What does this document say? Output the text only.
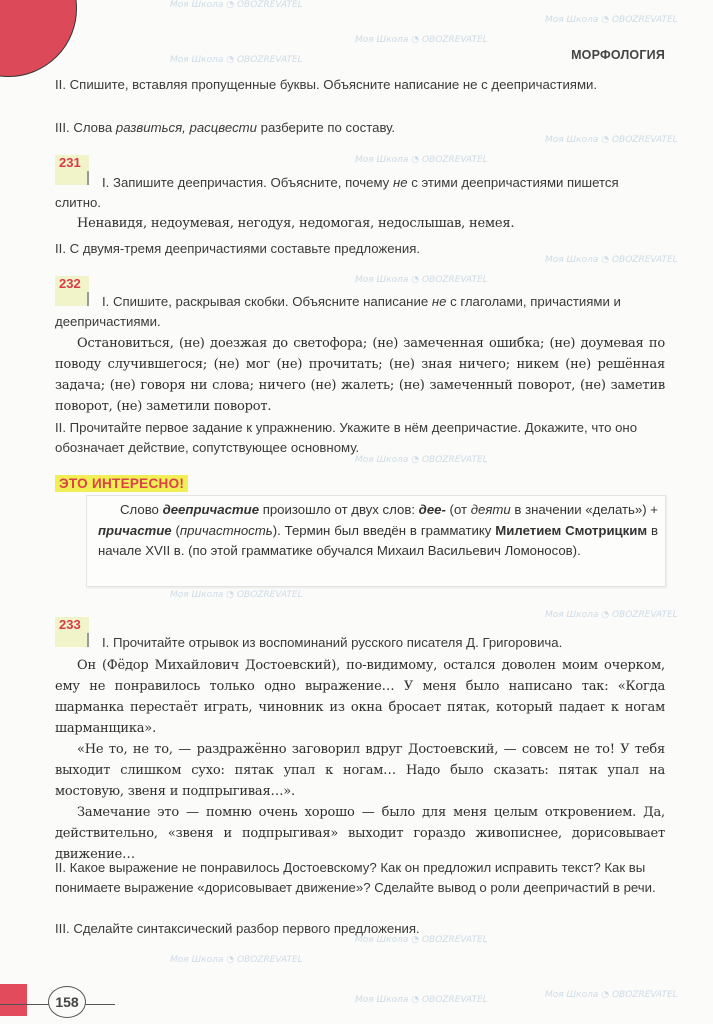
МОРФОЛОГИЯ
II. Спишите, вставляя пропущенные буквы. Объясните написание не с деепричастиями.
III. Слова развиться, расцвести разберите по составу.
231
I. Запишите деепричастия. Объясните, почему не с этими деепричастиями пишется слитно.
Ненавидя, недоумевая, негодуя, недомогая, недослышав, немея.
II. С двумя-тремя деепричастиями составьте предложения.
232
I. Спишите, раскрывая скобки. Объясните написание не с глаголами, причастиями и деепричастиями.
Остановиться, (не) доезжая до светофора; (не) замеченная ошибка; (не) доумевая по поводу случившегося; (не) мог (не) прочитать; (не) зная ничего; никем (не) решённая задача; (не) говоря ни слова; ничего (не) жалеть; (не) замеченный поворот, (не) заметив поворот, (не) заметили поворот.
II. Прочитайте первое задание к упражнению. Укажите в нём деепричастие. Докажите, что оно обозначает действие, сопутствующее основному.
ЭТО ИНТЕРЕСНО!
Слово деепричастие произошло от двух слов: дее- (от деяти в значении «делать») + причастие (причастность). Термин был введён в грамматику Милетием Смотрицким в начале XVII в. (по этой грамматике обучался Михаил Васильевич Ломоносов).
233
I. Прочитайте отрывок из воспоминаний русского писателя Д. Григоровича.
Он (Фёдор Михайлович Достоевский), по-видимому, остался доволен моим очерком, ему не понравилось только одно выражение… У меня было написано так: «Когда шарманка перестаёт играть, чиновник из окна бросает пятак, который падает к ногам шарманщика».
«Не то, не то, — раздражённо заговорил вдруг Достоевский, — совсем не то! У тебя выходит слишком сухо: пятак упал к ногам… Надо было сказать: пятак упал на мостовую, звеня и подпрыгивая…».
Замечание это — помню очень хорошо — было для меня целым откровением. Да, действительно, «звеня и подпрыгивая» выходит гораздо живописнее, дорисовывает движение…
II. Какое выражение не понравилось Достоевскому? Как он предложил исправить текст? Как вы понимаете выражение «дорисовывает движение»? Сделайте вывод о роли деепричастий в речи.
III. Сделайте синтаксический разбор первого предложения.
158
Моя Школа ◔ OBOZREVATEL
Моя Школа ◔ OBOZREVATEL
Моя Школа ◔ OBOZREVATEL
Моя Школа ◔ OBOZREVATEL
Моя Школа ◔ OBOZREVATEL
Моя Школа ◔ OBOZREVATEL
Моя Школа ◔ OBOZREVATEL
Моя Школа ◔ OBOZREVATEL
Моя Школа ◔ OBOZREVATEL
Моя Школа ◔ OBOZREVATEL
Моя Школа ◔ OBOZREVATEL
Моя Школа ◔ OBOZREVATEL
Моя Школа ◔ OBOZREVATEL
Моя Школа ◔ OBOZREVATEL
Моя Школа ◔ OBOZREVATEL
